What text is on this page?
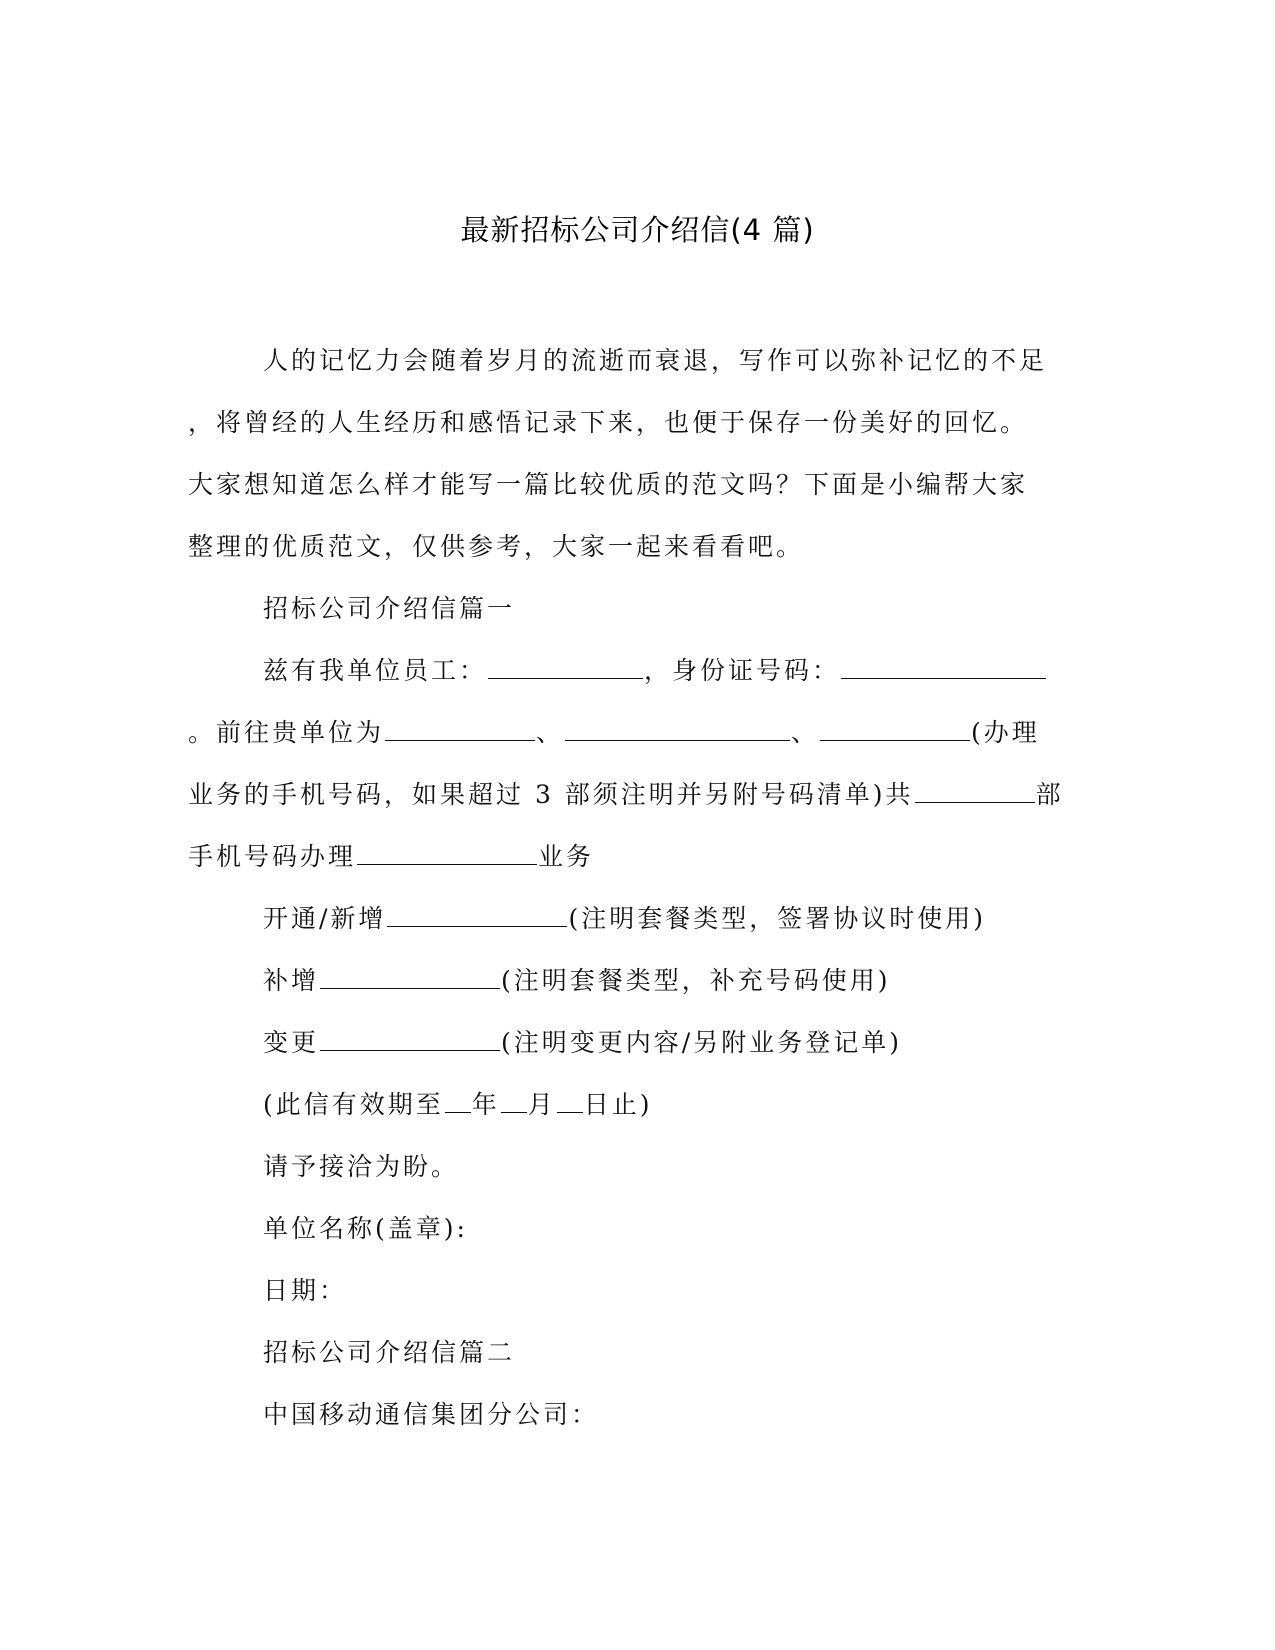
最新招标公司介绍信(4 篇)
人的记忆力会随着岁月的流逝而衰退，写作可以弥补记忆的不足
，将曾经的人生经历和感悟记录下来，也便于保存一份美好的回忆。
大家想知道怎么样才能写一篇比较优质的范文吗？下面是小编帮大家
整理的优质范文，仅供参考，大家一起来看看吧。
招标公司介绍信篇一
兹有我单位员工：	，身份证号码：
。前往贵单位为	、	、	(办理
业务的手机号码，如果超过 3 部须注明并另附号码清单)共	部
手机号码办理	业务
开通/新增	(注明套餐类型，签署协议时使用)
补增	(注明套餐类型，补充号码使用)
变更	(注明变更内容/另附业务登记单)
(此信有效期至 年 月 日止)
请予接洽为盼。
单位名称(盖章):
日期：
招标公司介绍信篇二
中国移动通信集团分公司：
